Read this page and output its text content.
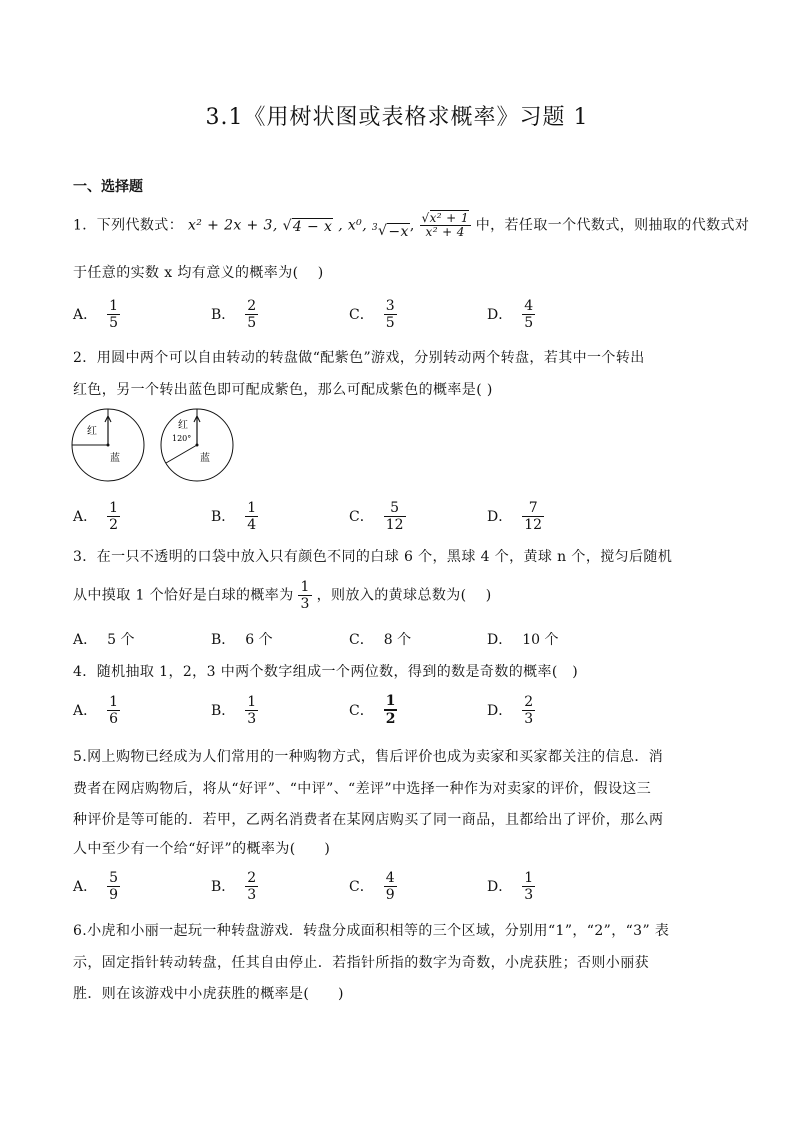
3.1《用树状图或表格求概率》习题 1
一、选择题
1．下列代数式： x² + 2x + 3, √ 4 − x , x⁰, 3 √ −x , $\frac{\text{√x² + 1}}{\text{x² + 4}}$ 中，若任取一个代数式，则抽取的代数式对
于任意的实数 x 均有意义的概率为(　 )
A． $\frac{1}{5}$	B． $\frac{2}{5}$	C． $\frac{3}{5}$	D． $\frac{4}{5}$
2．用圆中两个可以自由转动的转盘做“配紫色”游戏，分别转动两个转盘，若其中一个转出
红色，另一个转出蓝色即可配成紫色，那么可配成紫色的概率是( )
红
蓝
红
120°
蓝
A． $\frac{1}{2}$	B． $\frac{1}{4}$	C． $\frac{5}{12}$	D． $\frac{7}{12}$
3．在一只不透明的口袋中放入只有颜色不同的白球 6 个，黑球 4 个，黄球 n 个，搅匀后随机
从中摸取 1 个恰好是白球的概率为 $\frac{1}{3}$ ，则放入的黄球总数为(　 )
A． 5 个	B． 6 个	C． 8 个	D． 10 个
4．随机抽取 1，2，3 中两个数字组成一个两位数，得到的数是奇数的概率(　)
A． $\frac{1}{6}$	B． $\frac{1}{3}$	C． $\frac{1}{2}$	D． $\frac{2}{3}$
5.网上购物已经成为人们常用的一种购物方式，售后评价也成为卖家和买家都关注的信息．消
费者在网店购物后，将从“好评”、“中评”、“差评”中选择一种作为对卖家的评价，假设这三
种评价是等可能的．若甲，乙两名消费者在某网店购买了同一商品，且都给出了评价，那么两
人中至少有一个给“好评”的概率为(　　)
A． $\frac{5}{9}$	B． $\frac{2}{3}$	C． $\frac{4}{9}$	D． $\frac{1}{3}$
6.小虎和小丽一起玩一种转盘游戏．转盘分成面积相等的三个区域，分别用“1”，“2”，“3” 表
示，固定指针转动转盘，任其自由停止．若指针所指的数字为奇数，小虎获胜；否则小丽获
胜．则在该游戏中小虎获胜的概率是(　　)
